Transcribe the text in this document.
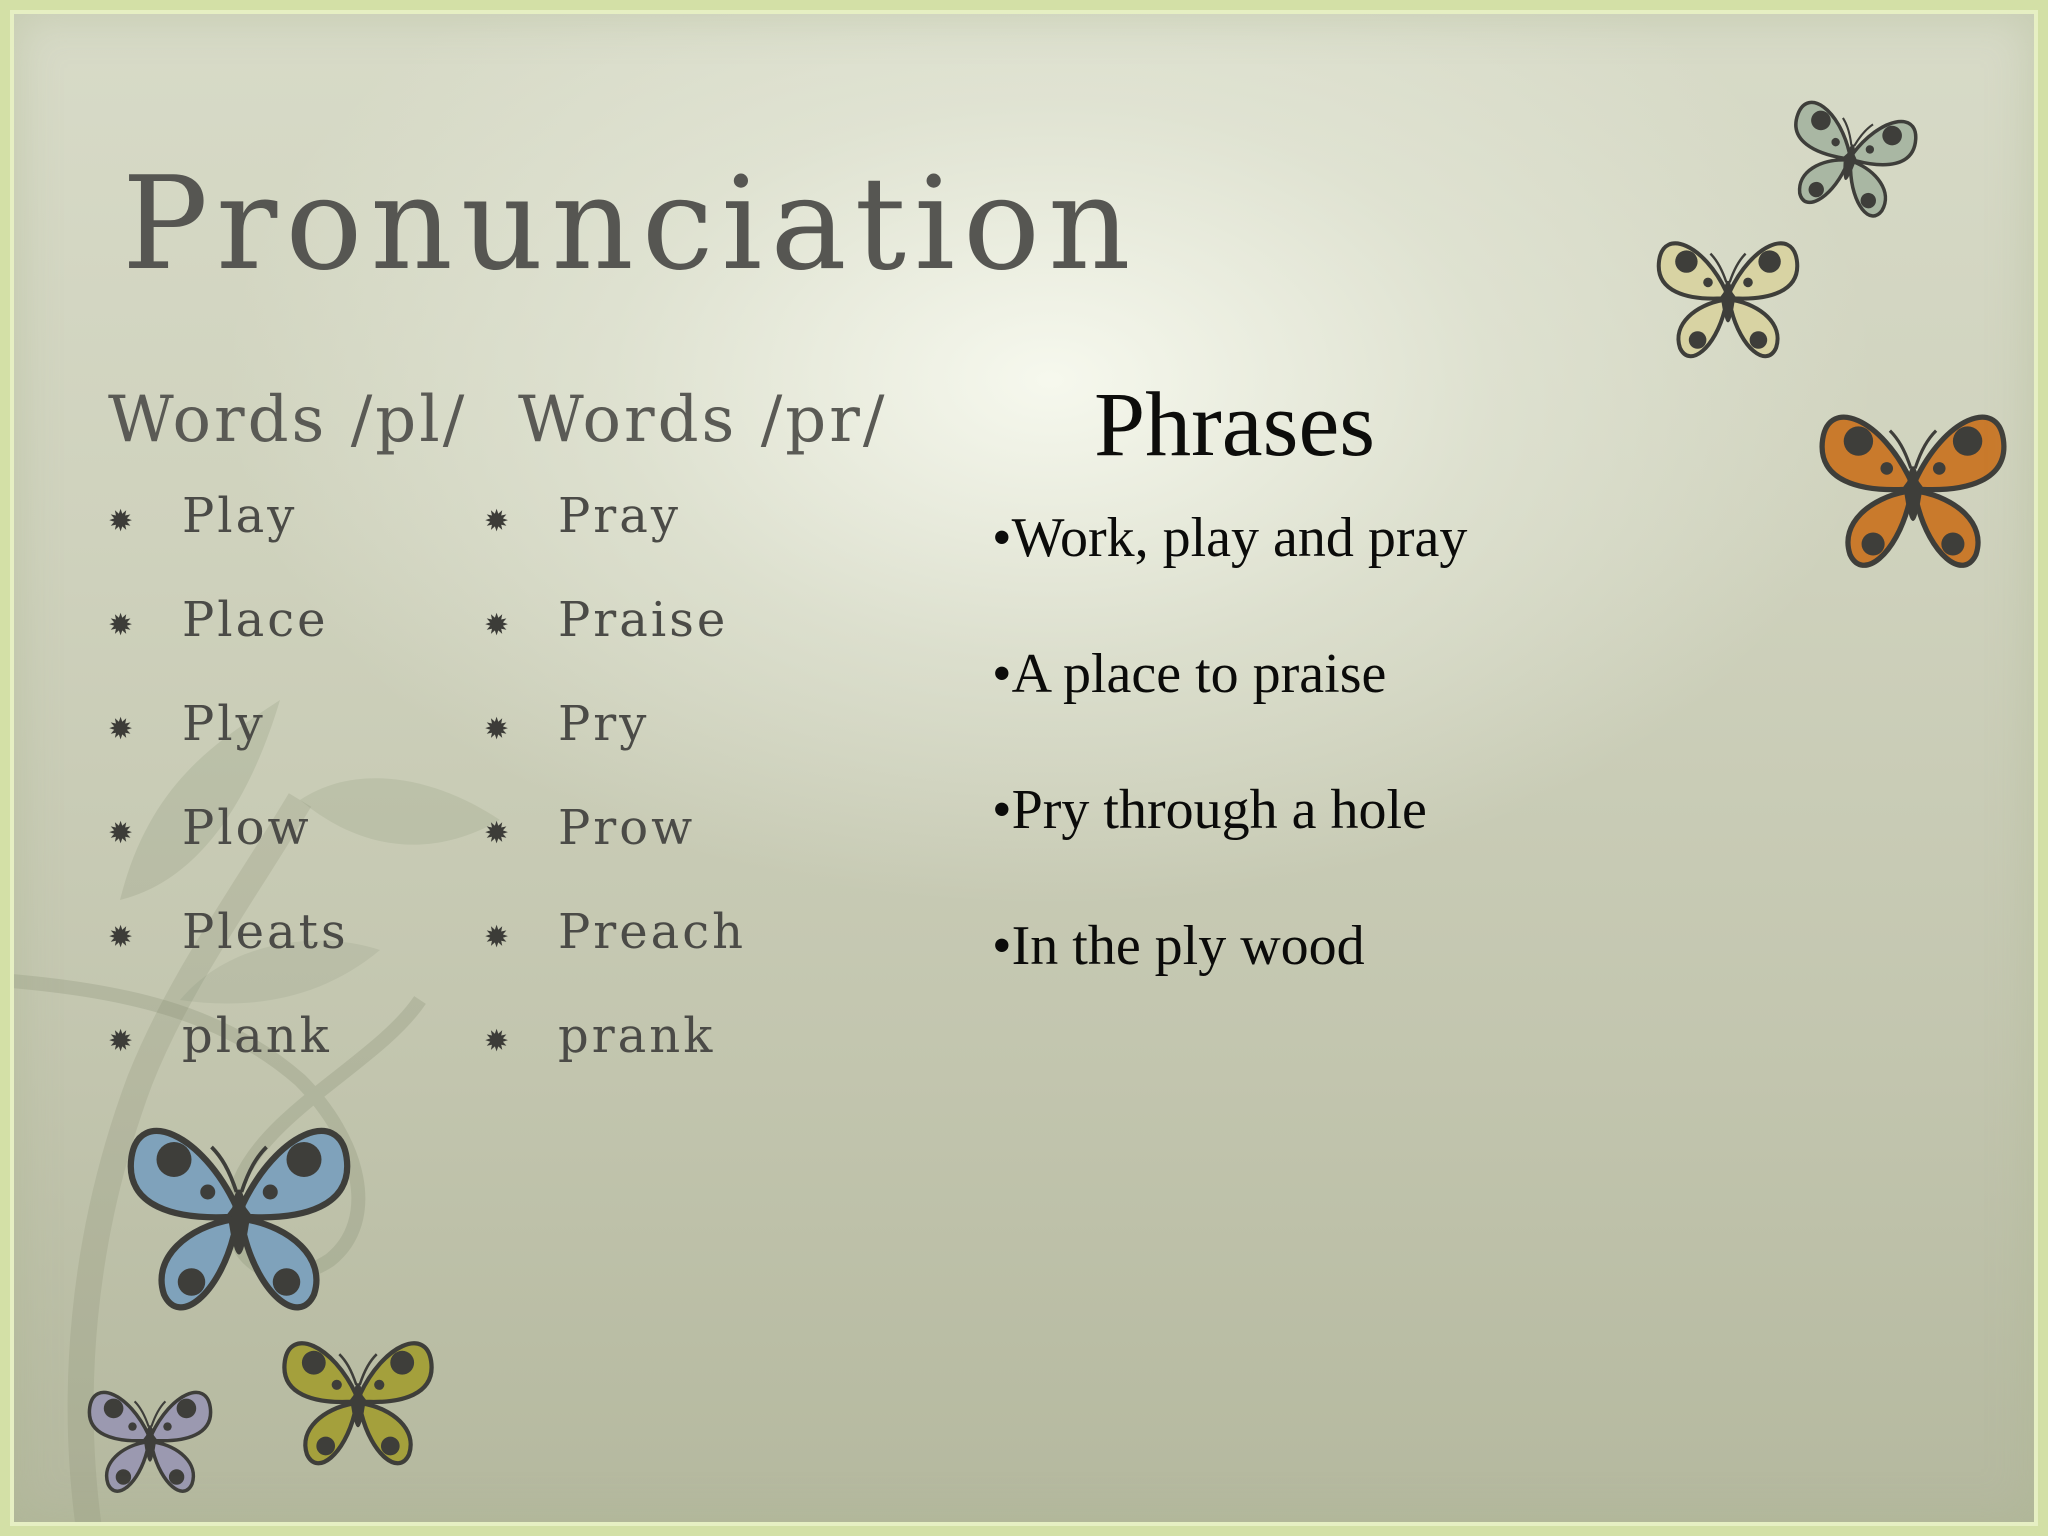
Pronunciation
Words /pl/
✹ Play
✹ Place
✹ Ply
✹ Plow
✹ Pleats
✹ plank
Words /pr/
✹ Pray
✹ Praise
✹ Pry
✹ Prow
✹ Preach
✹ prank
Phrases
•Work, play and pray
•A place to praise
•Pry through a hole
•In the ply wood
